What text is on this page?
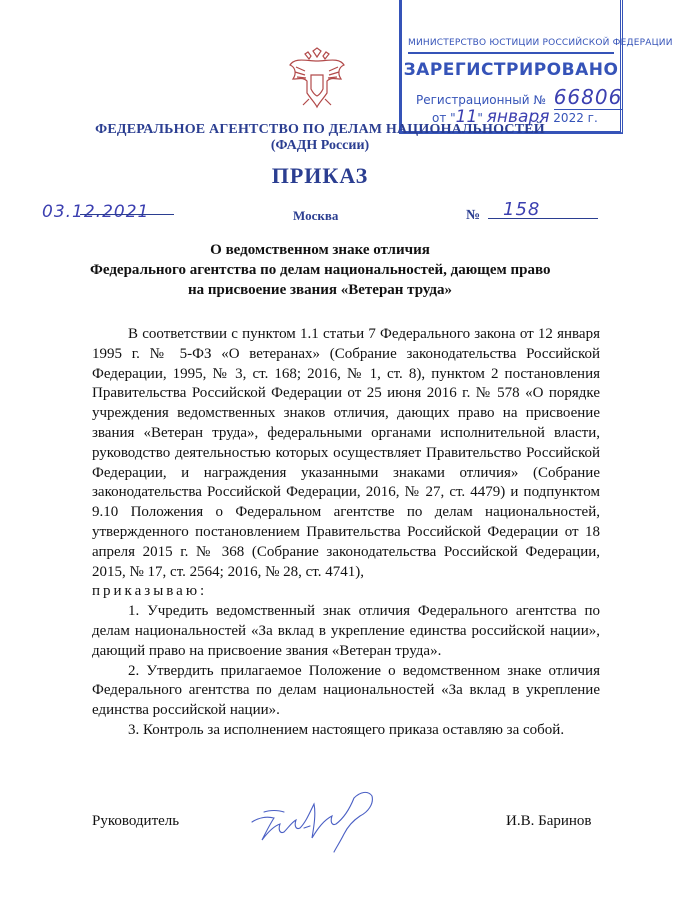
МИНИСТЕРСТВО ЮСТИЦИИ РОССИЙСКОЙ ФЕДЕРАЦИИ
ЗАРЕГИСТРИРОВАНО
Регистрационный № 66806
от "11" января 2022 г.
ФЕДЕРАЛЬНОЕ АГЕНТСТВО ПО ДЕЛАМ НАЦИОНАЛЬНОСТЕЙ
(ФАДН России)
ПРИКАЗ
03.12.2021	Москва	№ 158
О ведомственном знаке отличия
Федерального агентства по делам национальностей, дающем право
на присвоение звания «Ветеран труда»

В соответствии с пунктом 1.1 статьи 7 Федерального закона от 12 января 1995 г. № 5-ФЗ «О ветеранах» (Собрание законодательства Российской Федерации, 1995, № 3, ст. 168; 2016, № 1, ст. 8), пунктом 2 постановления Правительства Российской Федерации от 25 июня 2016 г. № 578 «О порядке учреждения ведомственных знаков отличия, дающих право на присвоение звания «Ветеран труда», федеральными органами исполнительной власти, руководство деятельностью которых осуществляет Правительство Российской Федерации, и награждения указанными знаками отличия» (Собрание законодательства Российской Федерации, 2016, № 27, ст. 4479) и подпунктом 9.10 Положения о Федеральном агентстве по делам национальностей, утвержденного постановлением Правительства Российской Федерации от 18 апреля 2015 г. № 368 (Собрание законодательства Российской Федерации, 2015, № 17, ст. 2564; 2016, № 28, ст. 4741),

приказываю:

1. Учредить ведомственный знак отличия Федерального агентства по делам национальностей «За вклад в укрепление единства российской нации», дающий право на присвоение звания «Ветеран труда».

2. Утвердить прилагаемое Положение о ведомственном знаке отличия Федерального агентства по делам национальностей «За вклад в укрепление единства российской нации».

3. Контроль за исполнением настоящего приказа оставляю за собой.

Руководитель	И.В. Баринов
